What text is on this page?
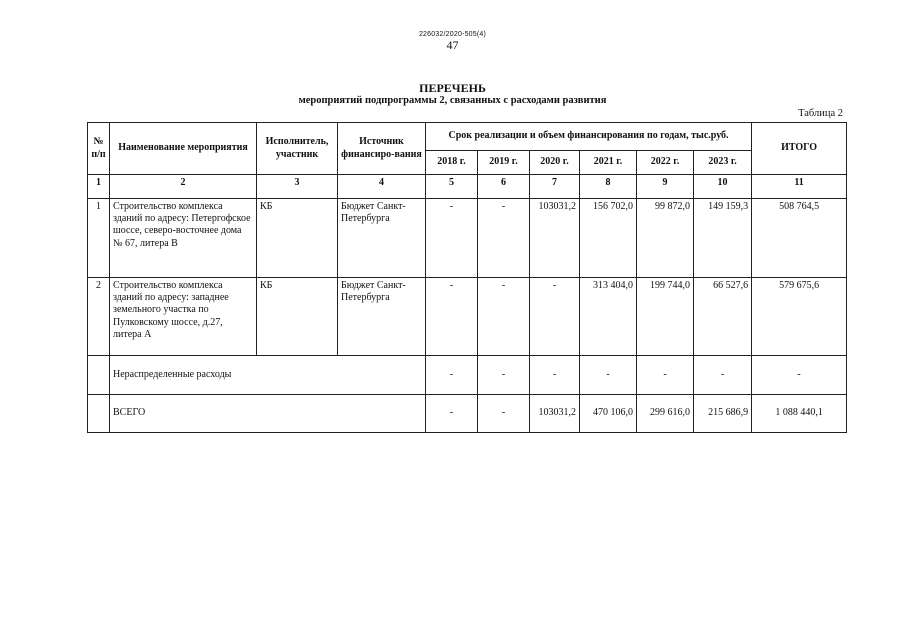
226032/2020-505(4)
47
ПЕРЕЧЕНЬ
мероприятий подпрограммы 2, связанных с расходами развития
Таблица 2
№ п/п	Наименование мероприятия	Исполнитель, участник	Источник финансиро-вания	Срок реализации и объем финансирования по годам, тыс.руб.						ИТОГО
				2018 г.	2019 г.	2020 г.	2021 г.	2022 г.	2023 г.	
1	2	3	4	5	6	7	8	9	10	11
1	Строительство комплекса зданий по адресу: Петергофское шоссе, северо-восточнее дома № 67, литера В	КБ	Бюджет Санкт-Петербурга	-	-	103031,2	156 702,0	99 872,0	149 159,3	508 764,5
2	Строительство комплекса зданий по адресу: западнее земельного участка по Пулковскому шоссе, д.27, литера А	КБ	Бюджет Санкт-Петербурга	-	-	-	313 404,0	199 744,0	66 527,6	579 675,6
	Нераспределенные расходы			-	-	-	-	-	-	-
	ВСЕГО			-	-	103031,2	470 106,0	299 616,0	215 686,9	1 088 440,1
